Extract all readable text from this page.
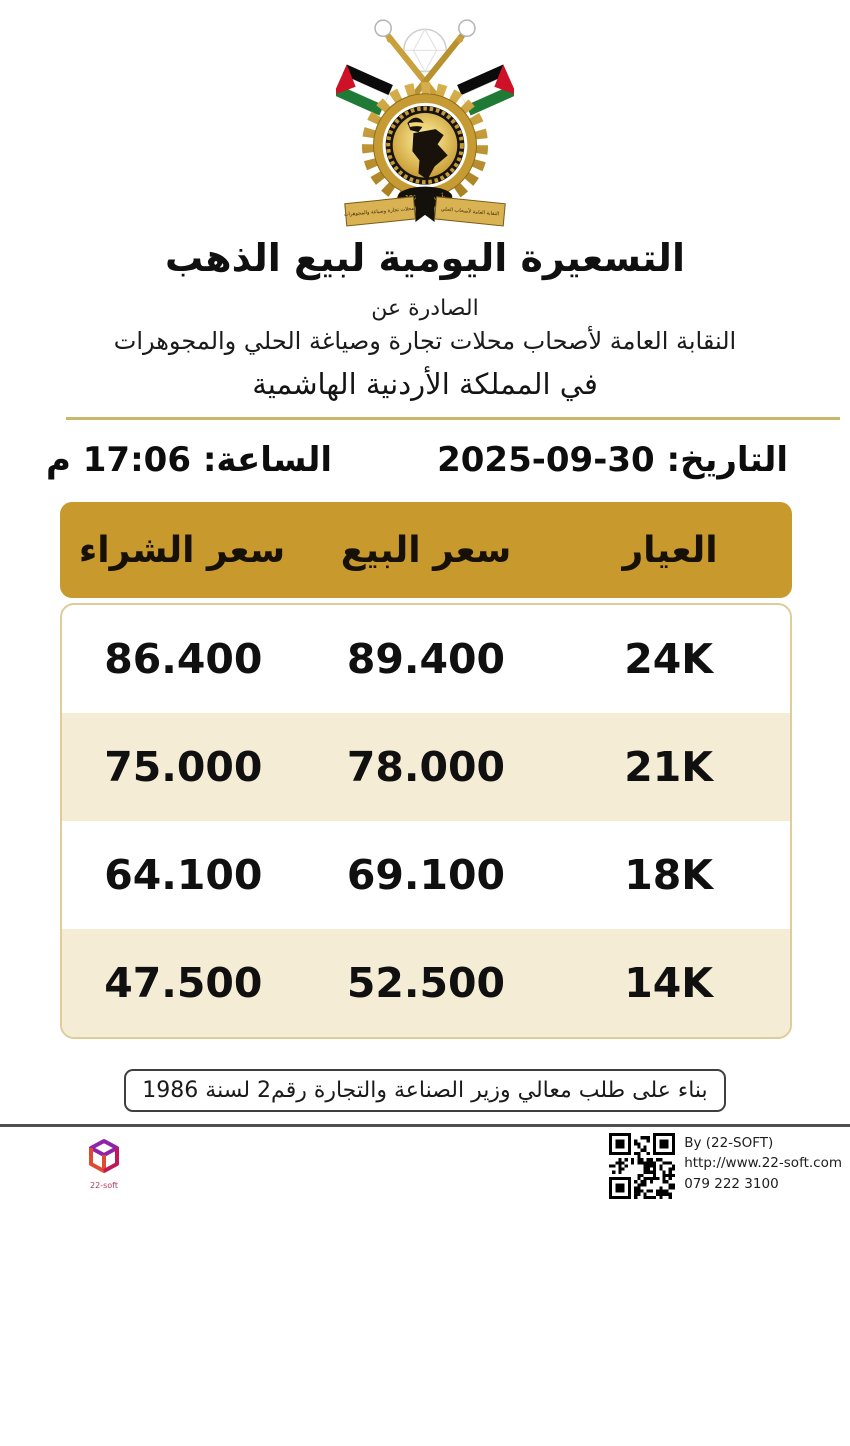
محلات تجارة وصياغة والمجوهرات	النقابة العامة لأصحاب الحلي
التسعيرة اليومية لبيع الذهب
الصادرة عن
النقابة العامة لأصحاب محلات تجارة وصياغة الحلي والمجوهرات
في المملكة الأردنية الهاشمية
التاريخ: 30-09-2025
الساعة: 17:06 م
العيار
سعر البيع
سعر الشراء
24K
89.400
86.400
21K
78.000
75.000
18K
69.100
64.100
14K
52.500
47.500
بناء على طلب معالي وزير الصناعة والتجارة رقم2 لسنة 1986
22-soft
By (22-SOFT)
http://www.22-soft.com
079 222 3100
